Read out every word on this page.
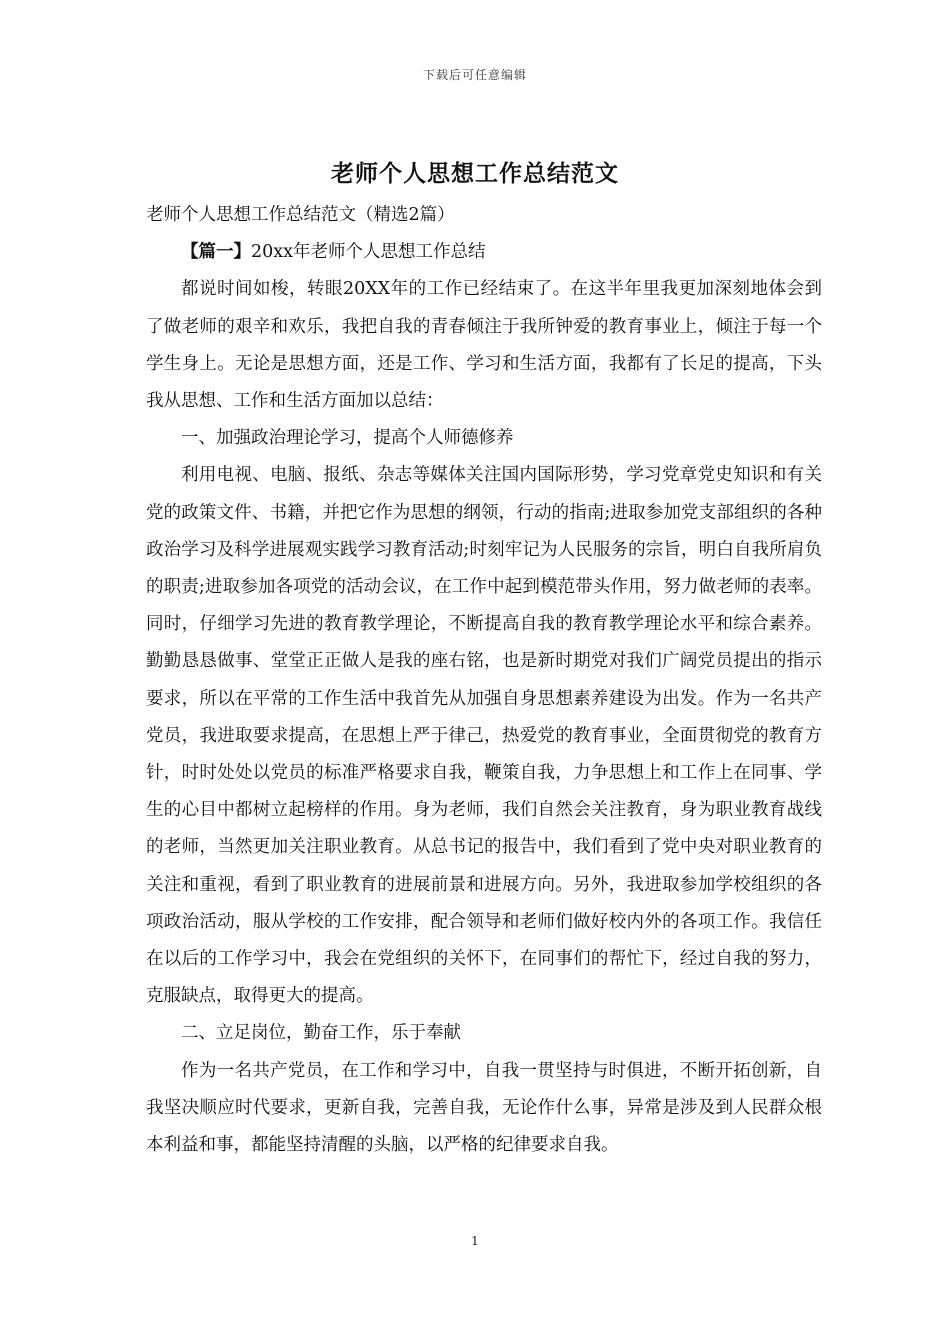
下载后可任意编辑
老师个人思想工作总结范文

老师个人思想工作总结范文（精选2篇）

【篇一】20xx年老师个人思想工作总结

都说时间如梭，转眼20XX年的工作已经结束了。在这半年里我更加深刻地体会到了做老师的艰辛和欢乐，我把自我的青春倾注于我所钟爱的教育事业上，倾注于每一个学生身上。无论是思想方面，还是工作、学习和生活方面，我都有了长足的提高，下头我从思想、工作和生活方面加以总结：

一、加强政治理论学习，提高个人师德修养

利用电视、电脑、报纸、杂志等媒体关注国内国际形势，学习党章党史知识和有关党的政策文件、书籍，并把它作为思想的纲领，行动的指南;进取参加党支部组织的各种政治学习及科学进展观实践学习教育活动;时刻牢记为人民服务的宗旨，明白自我所肩负的职责;进取参加各项党的活动会议，在工作中起到模范带头作用，努力做老师的表率。同时，仔细学习先进的教育教学理论，不断提高自我的教育教学理论水平和综合素养。勤勤恳恳做事、堂堂正正做人是我的座右铭，也是新时期党对我们广阔党员提出的指示要求，所以在平常的工作生活中我首先从加强自身思想素养建设为出发。作为一名共产党员，我进取要求提高，在思想上严于律己，热爱党的教育事业，全面贯彻党的教育方针，时时处处以党员的标准严格要求自我，鞭策自我，力争思想上和工作上在同事、学生的心目中都树立起榜样的作用。身为老师，我们自然会关注教育，身为职业教育战线的老师，当然更加关注职业教育。从总书记的报告中，我们看到了党中央对职业教育的关注和重视，看到了职业教育的进展前景和进展方向。另外，我进取参加学校组织的各项政治活动，服从学校的工作安排，配合领导和老师们做好校内外的各项工作。我信任在以后的工作学习中，我会在党组织的关怀下，在同事们的帮忙下，经过自我的努力，克服缺点，取得更大的提高。

二、立足岗位，勤奋工作，乐于奉献

作为一名共产党员，在工作和学习中，自我一贯坚持与时俱进，不断开拓创新，自我坚决顺应时代要求，更新自我，完善自我，无论作什么事，异常是涉及到人民群众根本利益和事，都能坚持清醒的头脑，以严格的纪律要求自我。

1
